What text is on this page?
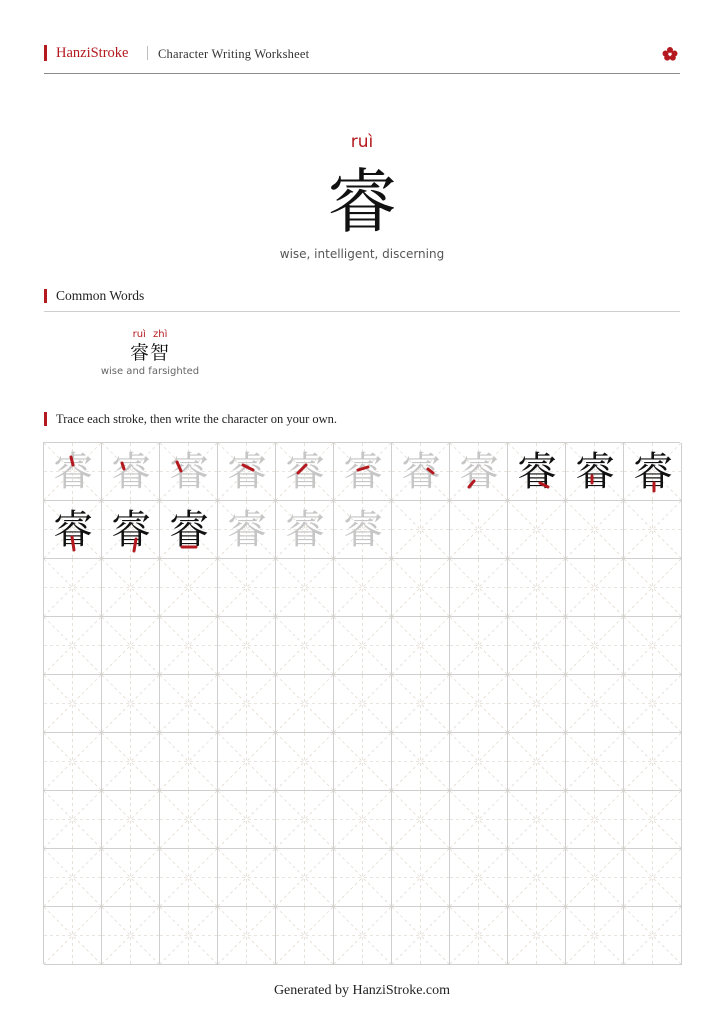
HanziStroke Character Writing Worksheet
ruì
睿
wise, intelligent, discerning
Common Words
ruì zhì
睿智
wise and farsighted
Trace each stroke, then write the character on your own.
睿 睿 睿 睿 睿 睿 睿 睿 睿 睿 睿
睿 睿 睿 睿 睿 睿
Generated by HanziStroke.com
